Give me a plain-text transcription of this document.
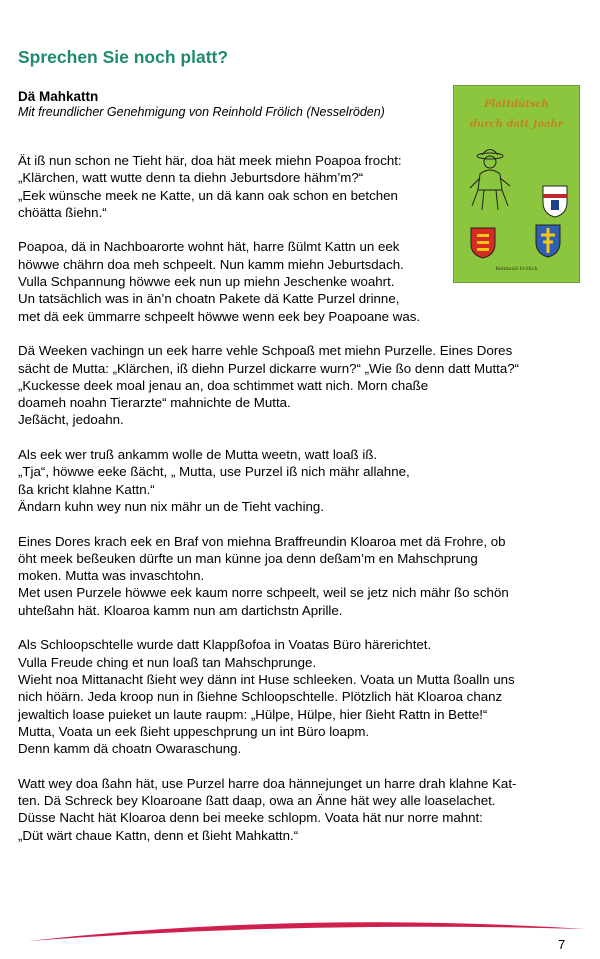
Sprechen Sie noch platt?
Dä Mahkattn

Mit freundlicher Genehmigung von Reinhold Frölich (Nesselröden)

Plattdütsch
durch datt Joahr
Reinhold Frölich

Ät iß nun schon ne Tieht här, doa hät meek miehn Poapoa frocht:
„Klärchen, watt wutte denn ta diehn Jeburtsdore hähm’m?“
„Eek wünsche meek ne Katte, un dä kann oak schon en betchen
chöätta ßiehn.“

Poapoa, dä in Nachboarorte wohnt hät, harre ßülmt Kattn un eek
höwwe chährn doa meh schpeelt. Nun kamm miehn Jeburtsdach.
Vulla Schpannung höwwe eek nun up miehn Jeschenke woahrt.
Un tatsächlich was in än’n choatn Pakete dä Katte Purzel drinne,
met dä eek ümmarre schpeelt höwwe wenn eek bey Poapoane was.

Dä Weeken vachingn un eek harre vehle Schpoaß met miehn Purzelle. Eines Dores
sächt de Mutta: „Klärchen, iß diehn Purzel dickarre wurn?“ „Wie ßo denn datt Mutta?“
„Kuckesse deek moal jenau an, doa schtimmet watt nich. Morn chaße
doameh noahn Tierarzte“ mahnichte de Mutta.
Jeßächt, jedoahn.

Als eek wer truß ankamm wolle de Mutta weetn, watt loaß iß.
„Tja“, höwwe eeke ßächt, „ Mutta, use Purzel iß nich mähr allahne,
ßa kricht klahne Kattn.“
Ändarn kuhn wey nun nix mähr un de Tieht vaching.

Eines Dores krach eek en Braf von miehna Braffreundin Kloaroa met dä Frohre, ob
öht meek beßeuken dürfte un man künne joa denn deßam’m en Mahschprung
moken. Mutta was invaschtohn.
Met usen Purzele höwwe eek kaum norre schpeelt, weil se jetz nich mähr ßo schön
uhteßahn hät. Kloaroa kamm nun am dartichstn Aprille.

Als Schloopschtelle wurde datt Klappßofoa in Voatas Büro härerichtet.
Vulla Freude ching et nun loaß tan Mahschprunge.
Wieht noa Mittanacht ßieht wey dänn int Huse schleeken. Voata un Mutta ßoalln uns
nich höärn. Jeda kroop nun in ßiehne Schloopschtelle. Plötzlich hät Kloaroa chanz
jewaltich loase puieket un laute raupm: „Hülpe, Hülpe, hier ßieht Rattn in Bette!“
Mutta, Voata un eek ßieht uppeschprung un int Büro loapm.
Denn kamm dä choatn Owaraschung.

Watt wey doa ßahn hät, use Purzel harre doa hännejunget un harre drah klahne Kat-
ten. Dä Schreck bey Kloaroane ßatt daap, owa an Änne hät wey alle loaselachet.
Düsse Nacht hät Kloaroa denn bei meeke schlopm. Voata hät nur norre mahnt:
„Düt wärt chaue Kattn, denn et ßieht Mahkattn.“

7
